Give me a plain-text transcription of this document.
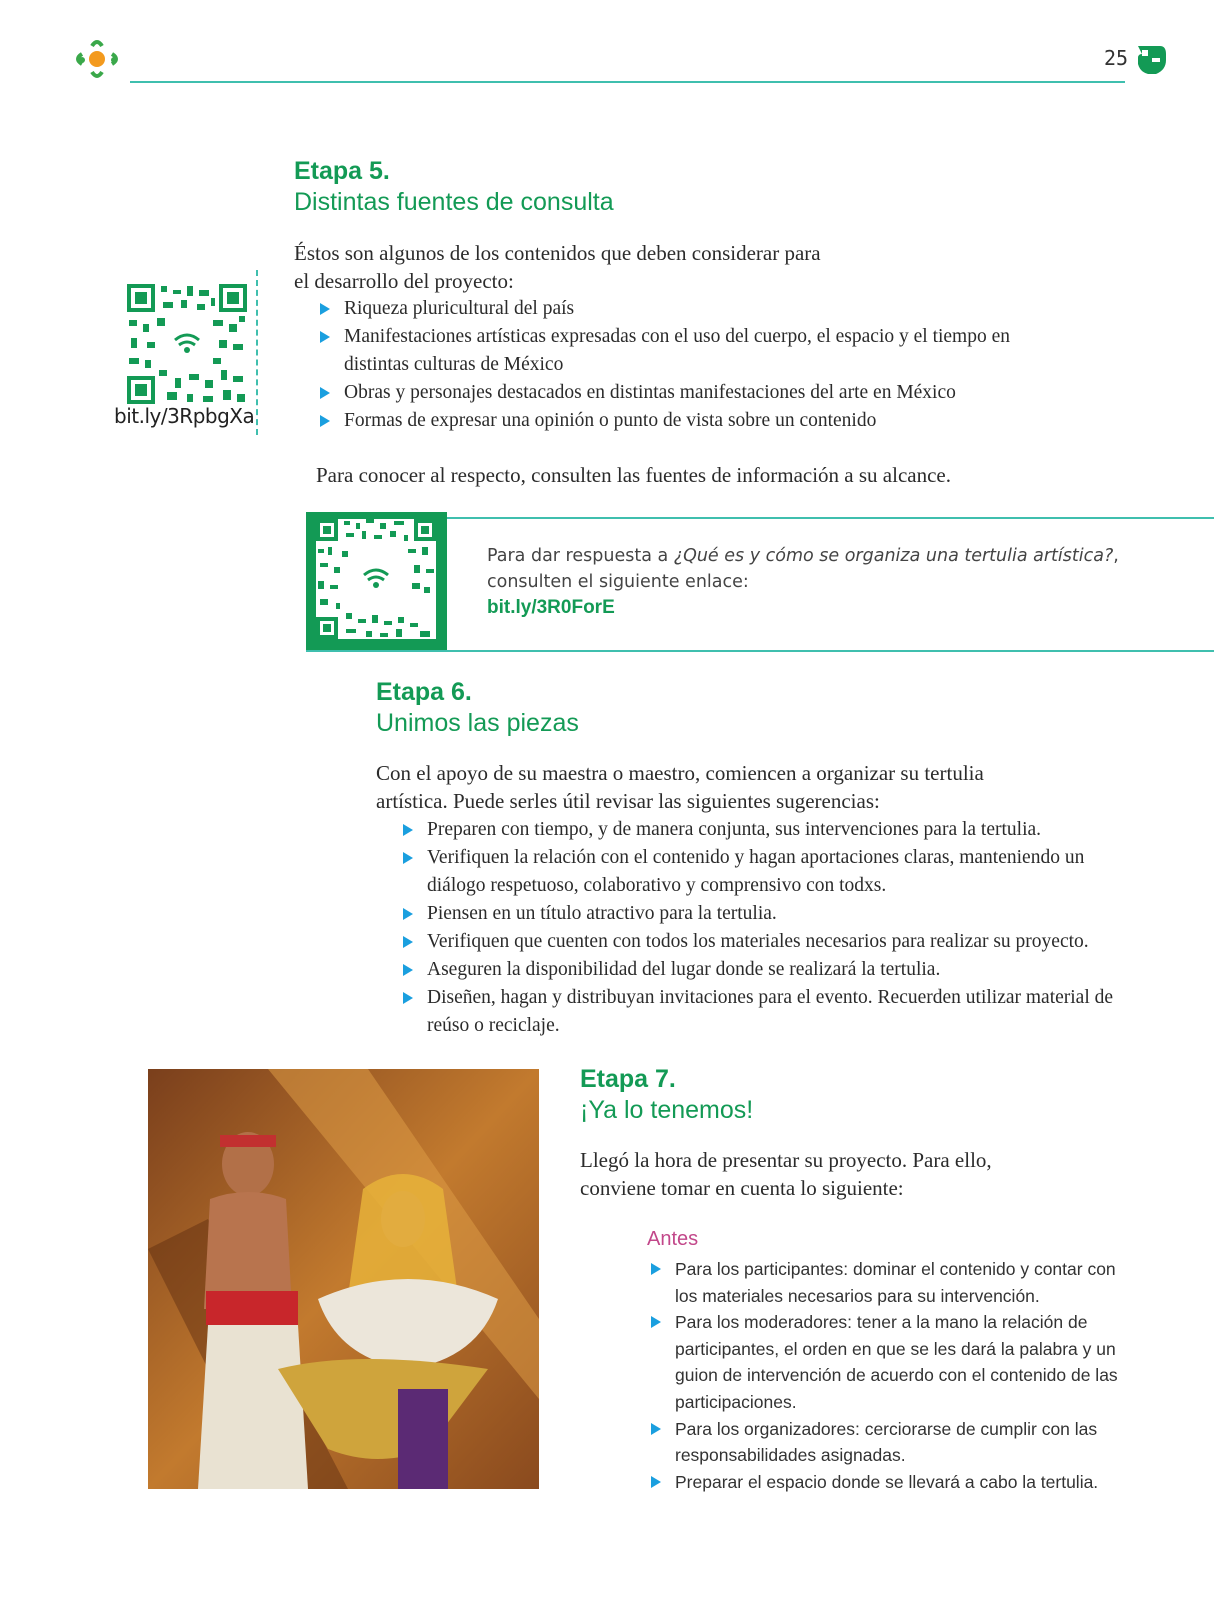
25
Etapa 5.
Distintas fuentes de consulta
Éstos son algunos de los contenidos que deben considerar para
el desarrollo del proyecto:
Riqueza pluricultural del país
Manifestaciones artísticas expresadas con el uso del cuerpo, el espacio y el tiempo en distintas culturas de México
Obras y personajes destacados en distintas manifestaciones del arte en México
Formas de expresar una opinión o punto de vista sobre un contenido
bit.ly/3RpbgXa
Para conocer al respecto, consulten las fuentes de información a su alcance.
Para dar respuesta a ¿Qué es y cómo se organiza una tertulia artística?,
consulten el siguiente enlace:
bit.ly/3R0ForE
Etapa 6.
Unimos las piezas
Con el apoyo de su maestra o maestro, comiencen a organizar su tertulia
artística. Puede serles útil revisar las siguientes sugerencias:
Preparen con tiempo, y de manera conjunta, sus intervenciones para la tertulia.
Verifiquen la relación con el contenido y hagan aportaciones claras, manteniendo un diálogo respetuoso, colaborativo y comprensivo con todxs.
Piensen en un título atractivo para la tertulia.
Verifiquen que cuenten con todos los materiales necesarios para realizar su proyecto.
Aseguren la disponibilidad del lugar donde se realizará la tertulia.
Diseñen, hagan y distribuyan invitaciones para el evento. Recuerden utilizar material de reúso o reciclaje.
Etapa 7.
¡Ya lo tenemos!
Llegó la hora de presentar su proyecto. Para ello,
conviene tomar en cuenta lo siguiente:
Antes
Para los participantes: dominar el contenido y contar con los materiales necesarios para su intervención.
Para los moderadores: tener a la mano la relación de participantes, el orden en que se les dará la palabra y un guion de intervención de acuerdo con el contenido de las participaciones.
Para los organizadores: cerciorarse de cumplir con las responsabilidades asignadas.
Preparar el espacio donde se llevará a cabo la tertulia.
